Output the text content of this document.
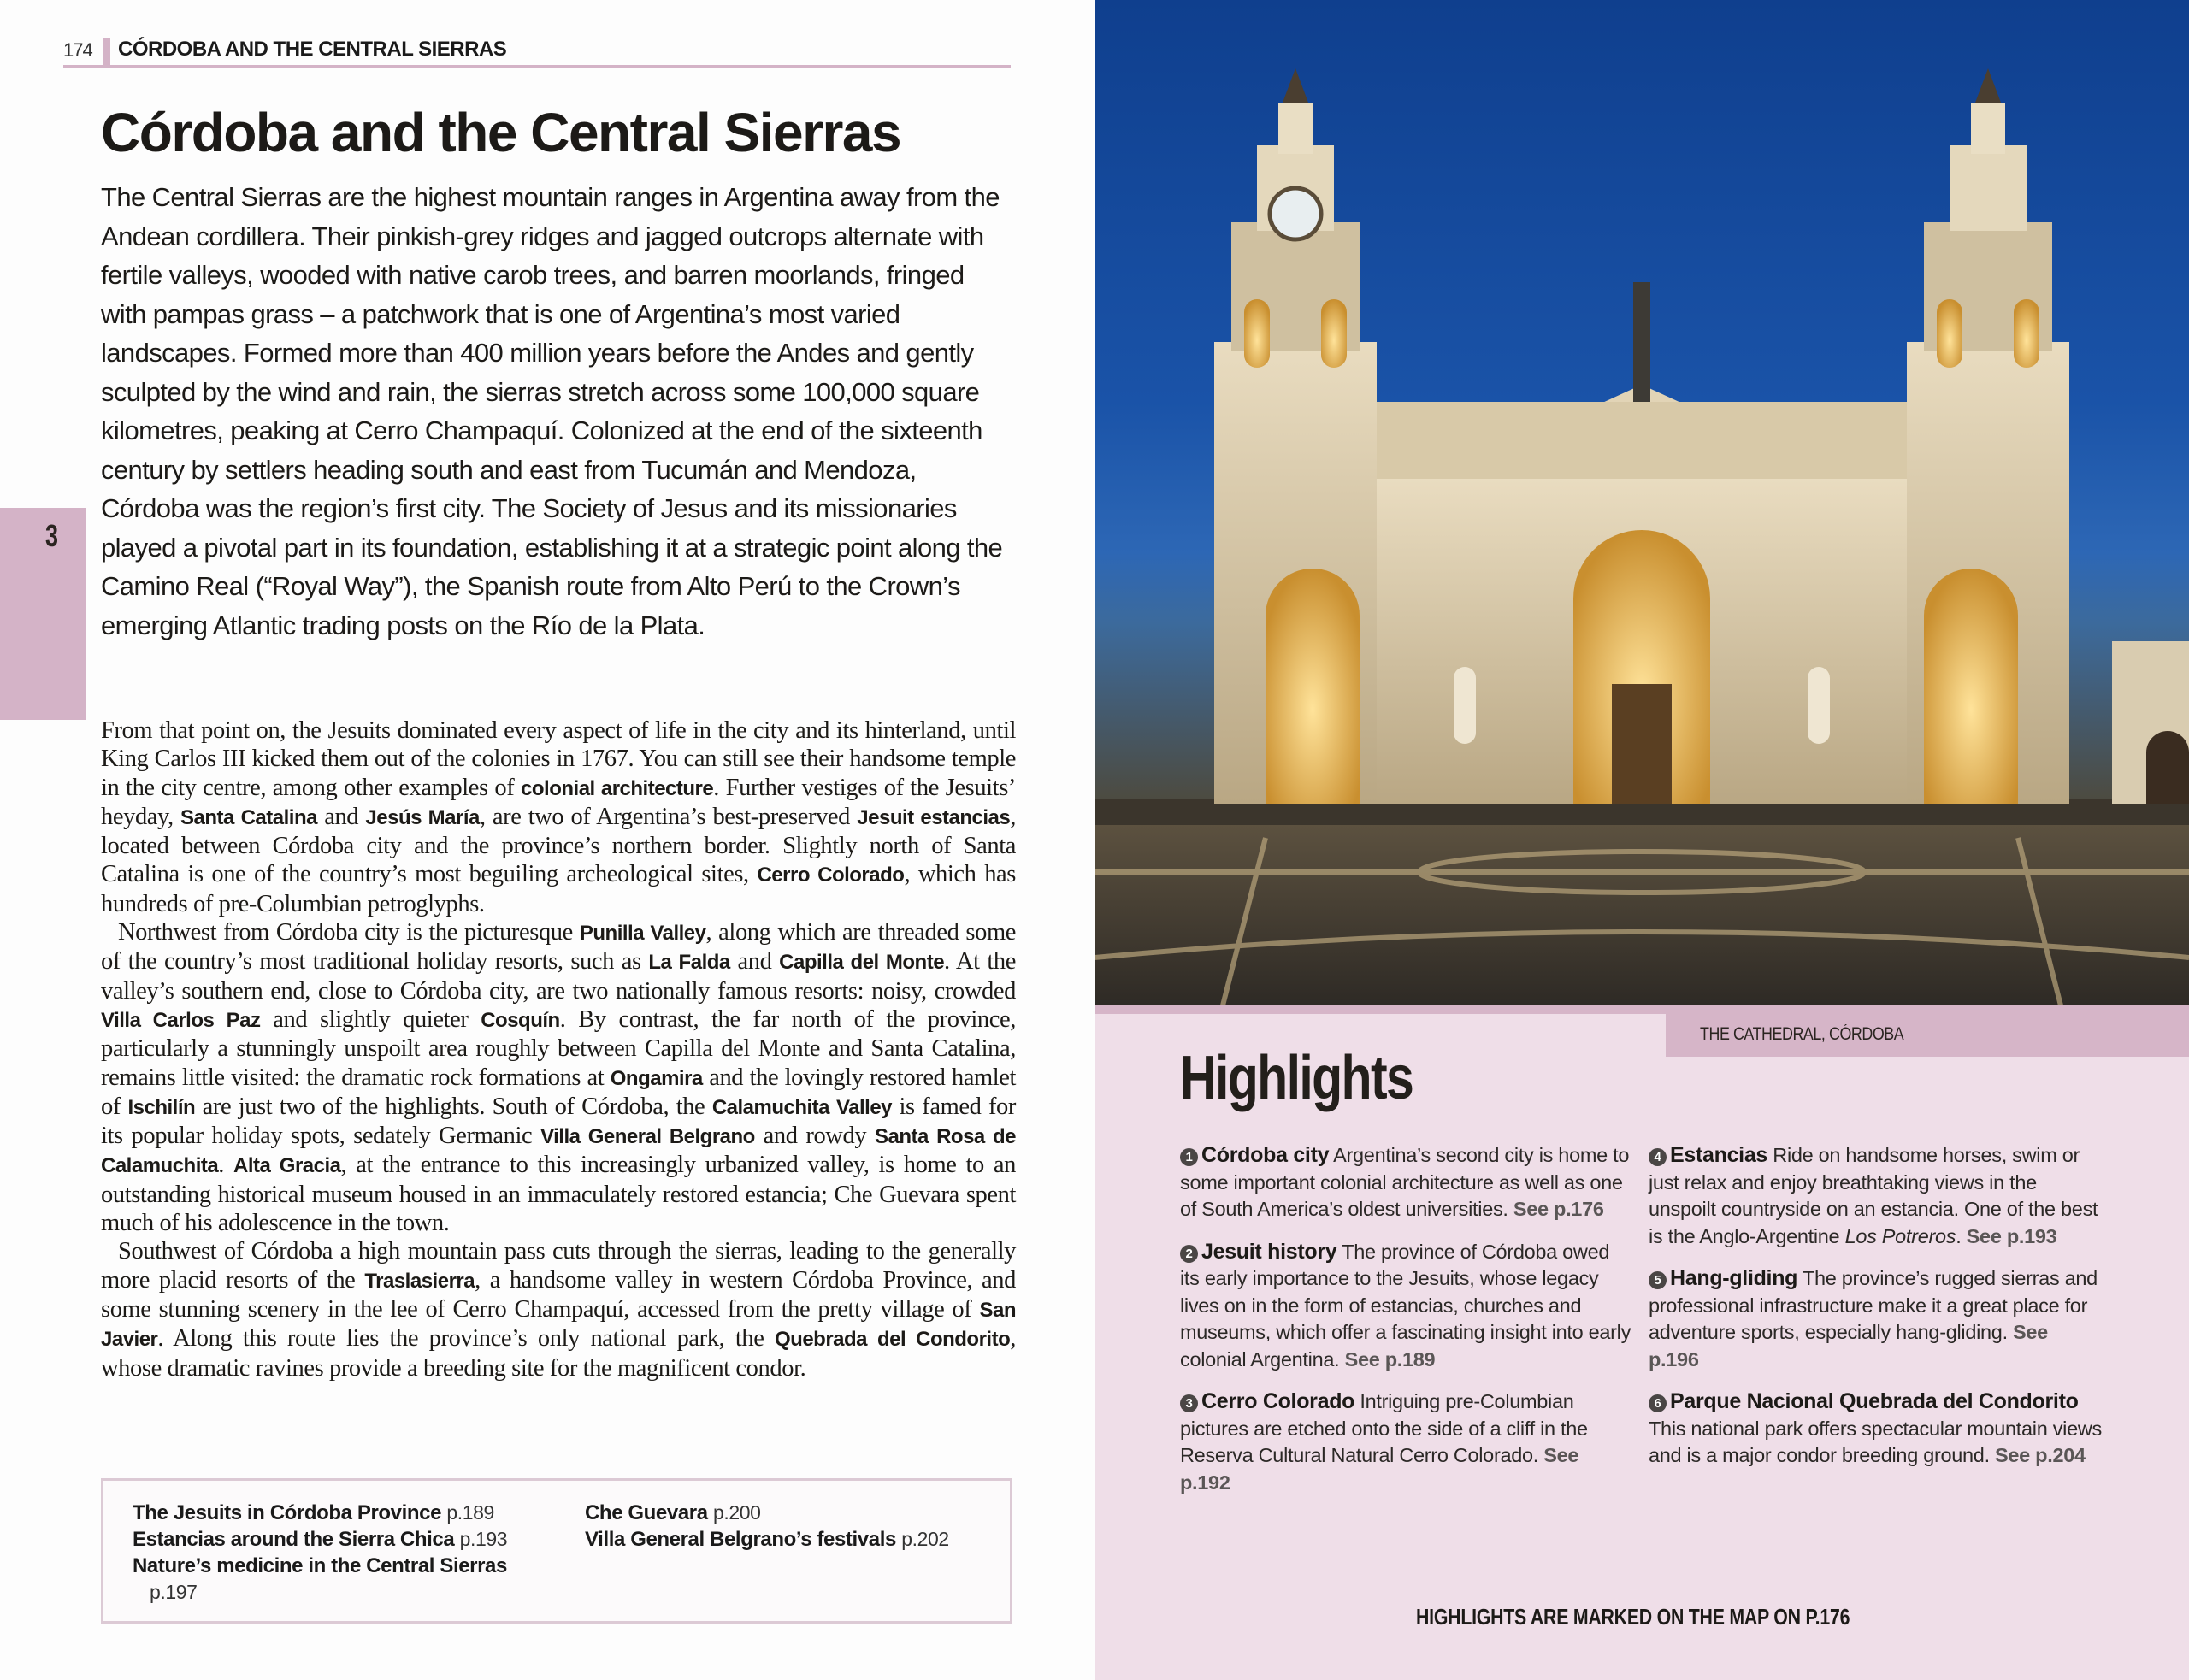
174 CÓRDOBA AND THE CENTRAL SIERRAS
3
Córdoba and the Central Sierras

The Central Sierras are the highest mountain ranges in Argentina away from the Andean cordillera. Their pinkish-grey ridges and jagged outcrops alternate with fertile valleys, wooded with native carob trees, and barren moorlands, fringed with pampas grass – a patchwork that is one of Argentina’s most varied landscapes. Formed more than 400 million years before the Andes and gently sculpted by the wind and rain, the sierras stretch across some 100,000 square kilometres, peaking at Cerro Champaquí. Colonized at the end of the sixteenth century by settlers heading south and east from Tucumán and Mendoza, Córdoba was the region’s first city. The Society of Jesus and its missionaries played a pivotal part in its foundation, establishing it at a strategic point along the Camino Real (“Royal Way”), the Spanish route from Alto Perú to the Crown’s emerging Atlantic trading posts on the Río de la Plata.

From that point on, the Jesuits dominated every aspect of life in the city and its hinterland, until King Carlos III kicked them out of the colonies in 1767. You can still see their handsome temple in the city centre, among other examples of colonial architecture. Further vestiges of the Jesuits’ heyday, Santa Catalina and Jesús María, are two of Argentina’s best-preserved Jesuit estancias, located between Córdoba city and the province’s northern border. Slightly north of Santa Catalina is one of the country’s most beguiling archeological sites, Cerro Colorado, which has hundreds of pre-Columbian petroglyphs.

Northwest from Córdoba city is the picturesque Punilla Valley, along which are threaded some of the country’s most traditional holiday resorts, such as La Falda and Capilla del Monte. At the valley’s southern end, close to Córdoba city, are two nationally famous resorts: noisy, crowded Villa Carlos Paz and slightly quieter Cosquín. By contrast, the far north of the province, particularly a stunningly unspoilt area roughly between Capilla del Monte and Santa Catalina, remains little visited: the dramatic rock formations at Ongamira and the lovingly restored hamlet of Ischilín are just two of the highlights. South of Córdoba, the Calamuchita Valley is famed for its popular holiday spots, sedately Germanic Villa General Belgrano and rowdy Santa Rosa de Calamuchita. Alta Gracia, at the entrance to this increasingly urbanized valley, is home to an outstanding historical museum housed in an immaculately restored estancia; Che Guevara spent much of his adolescence in the town.

Southwest of Córdoba a high mountain pass cuts through the sierras, leading to the generally more placid resorts of the Traslasierra, a handsome valley in western Córdoba Province, and some stunning scenery in the lee of Cerro Champaquí, accessed from the pretty village of San Javier. Along this route lies the province’s only national park, the Quebrada del Condorito, whose dramatic ravines provide a breeding site for the magnificent condor.

The Jesuits in Córdoba Province p.189
Estancias around the Sierra Chica p.193
Nature’s medicine in the Central Sierras
p.197
Che Guevara p.200
Villa General Belgrano’s festivals p.202
THE CATHEDRAL, CÓRDOBA
Highlights

1 Córdoba city Argentina’s second city is home to some important colonial architecture as well as one of South America’s oldest universities. See p.176

2 Jesuit history The province of Córdoba owed its early importance to the Jesuits, whose legacy lives on in the form of estancias, churches and museums, which offer a fascinating insight into early colonial Argentina. See p.189

3 Cerro Colorado Intriguing pre-Columbian pictures are etched onto the side of a cliff in the Reserva Cultural Natural Cerro Colorado. See p.192

4 Estancias Ride on handsome horses, swim or just relax and enjoy breathtaking views in the unspoilt countryside on an estancia. One of the best is the Anglo-Argentine Los Potreros. See p.193

5 Hang-gliding The province’s rugged sierras and professional infrastructure make it a great place for adventure sports, especially hang-gliding. See p.196

6 Parque Nacional Quebrada del Condorito This national park offers spectacular mountain views and is a major condor breeding ground. See p.204

HIGHLIGHTS ARE MARKED ON THE MAP ON P.176
